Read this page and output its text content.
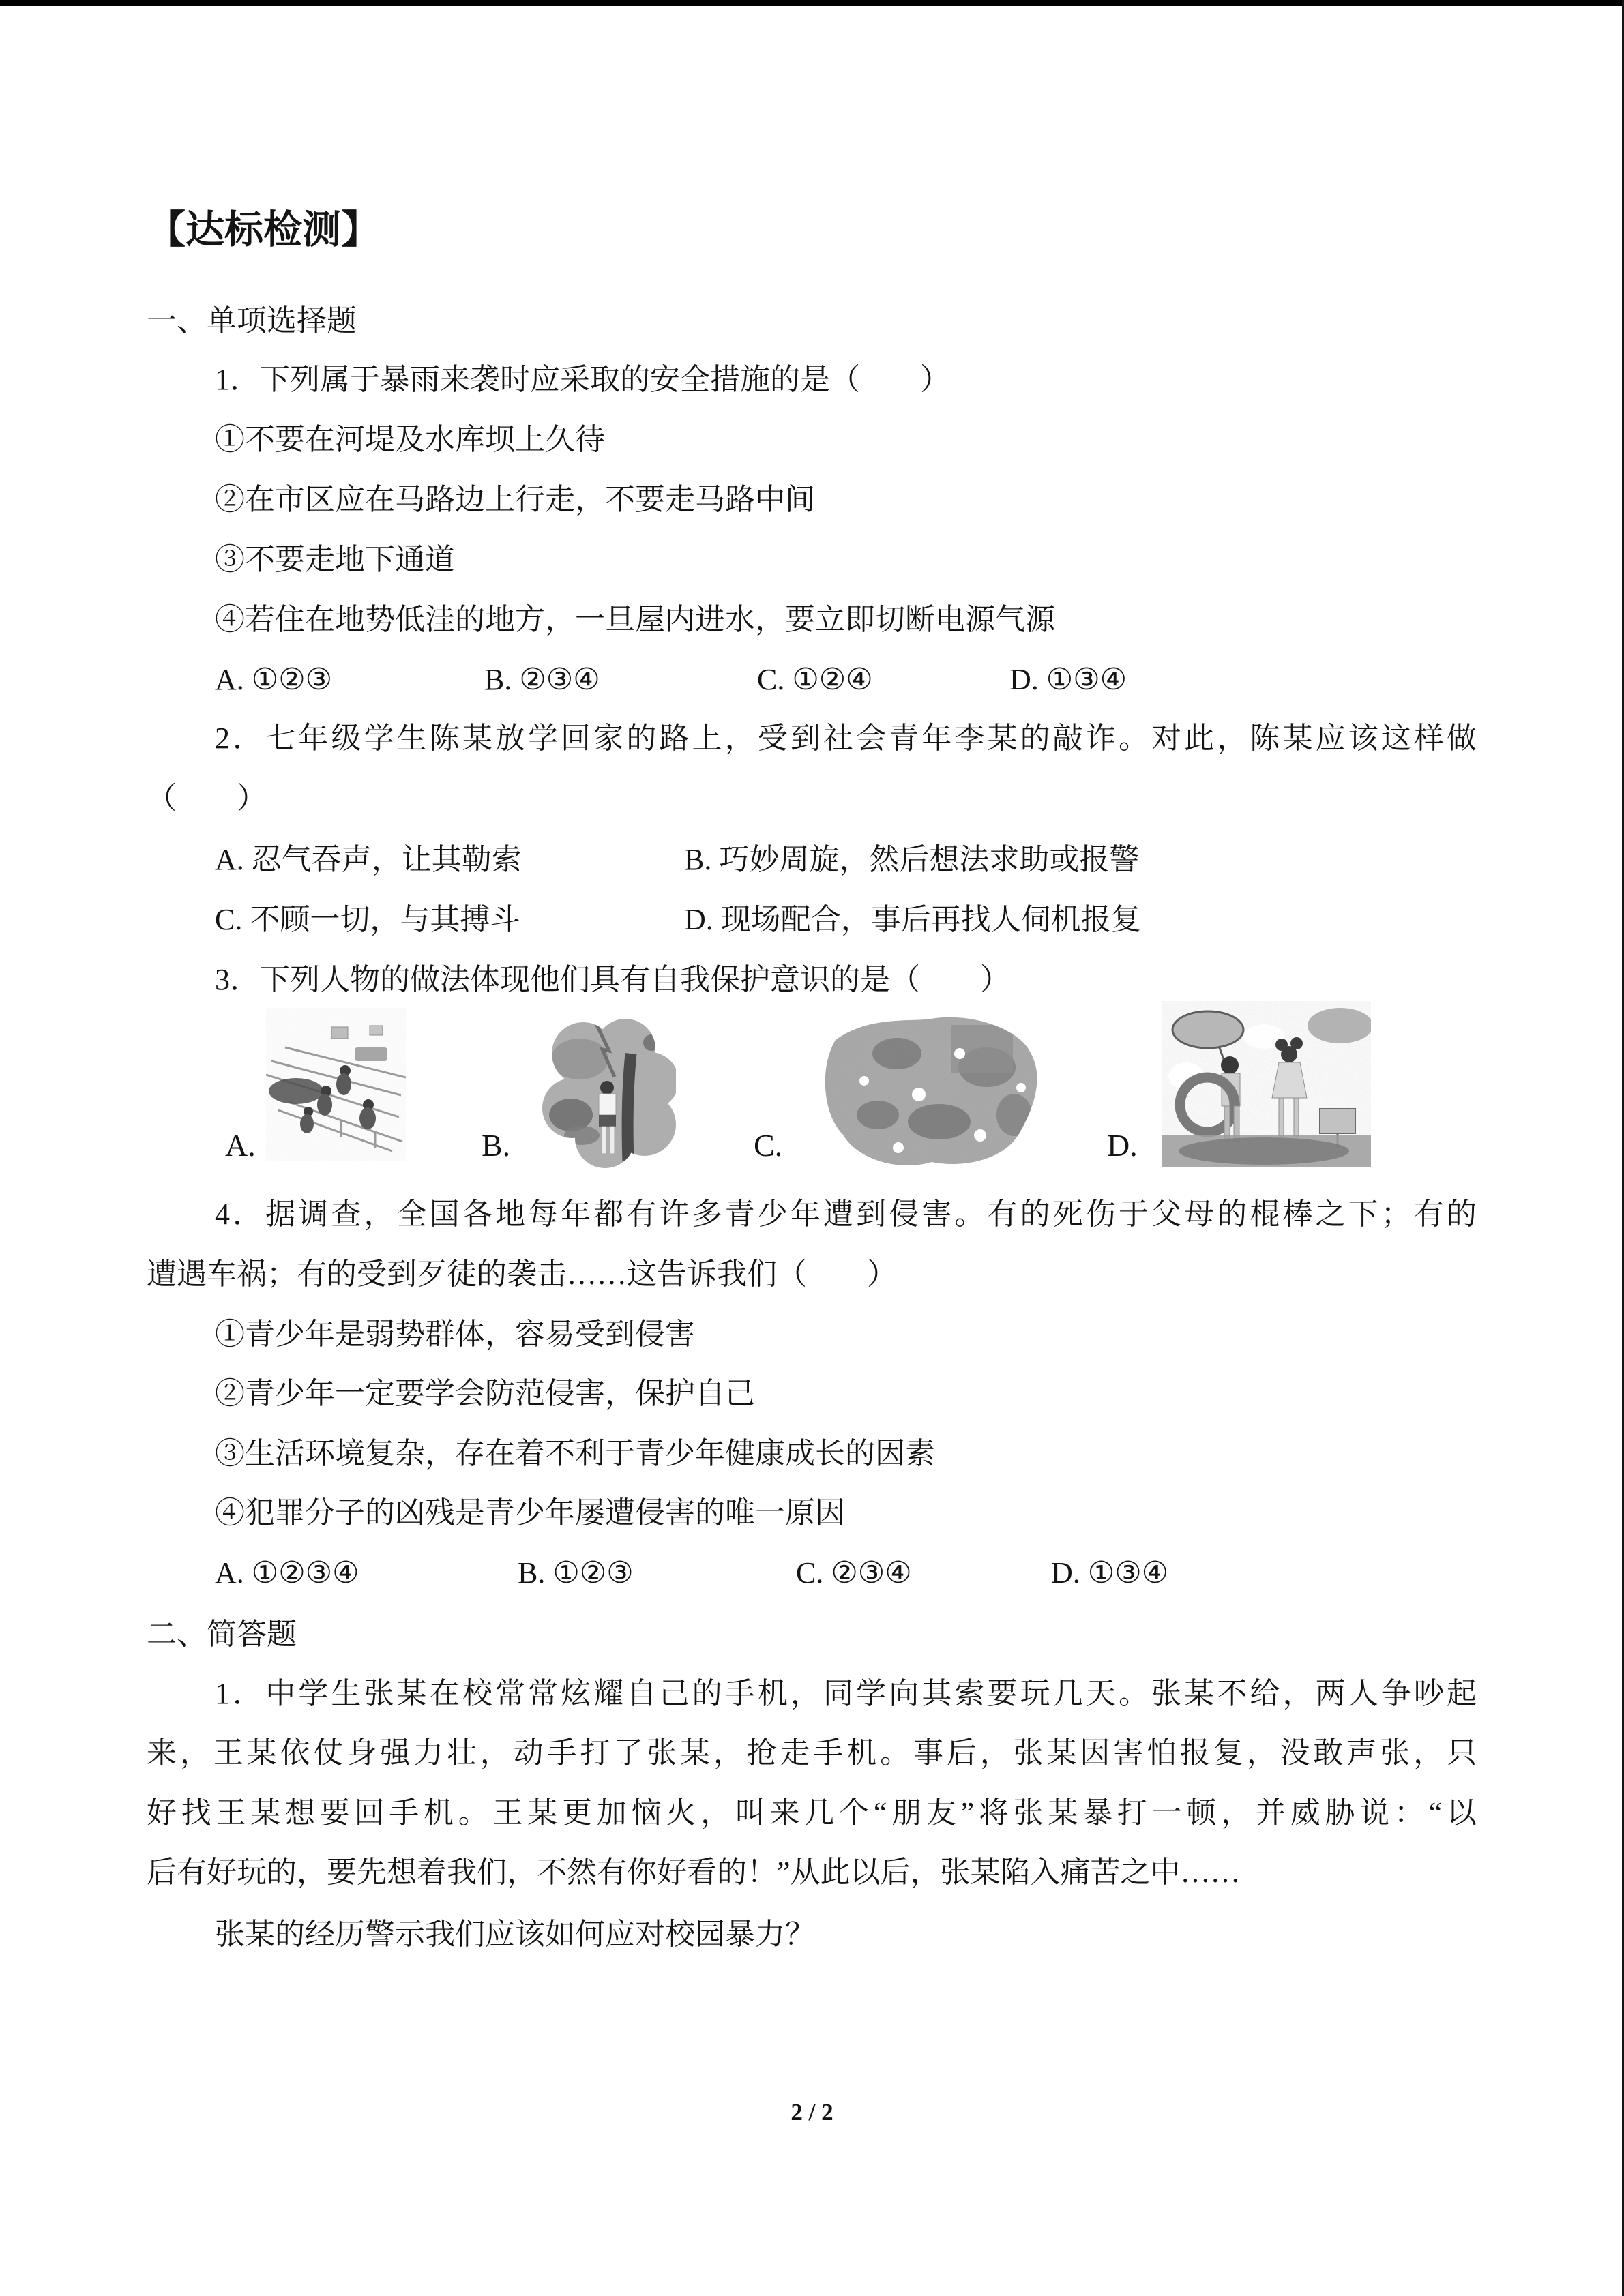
【达标检测】
一、单项选择题
1．下列属于暴雨来袭时应采取的安全措施的是（　　）
①不要在河堤及水库坝上久待
②在市区应在马路边上行走，不要走马路中间
③不要走地下通道
④若住在地势低洼的地方，一旦屋内进水，要立即切断电源气源
A. ①②③	B. ②③④	C. ①②④	D. ①③④
2．七年级学生陈某放学回家的路上，受到社会青年李某的敲诈。对此，陈某应该这样做
（　　）
A. 忍气吞声，让其勒索	B. 巧妙周旋，然后想法求助或报警
C. 不顾一切，与其搏斗	D. 现场配合，事后再找人伺机报复
3．下列人物的做法体现他们具有自我保护意识的是（　　）
A.	B.	C.	D.
4．据调查，全国各地每年都有许多青少年遭到侵害。有的死伤于父母的棍棒之下；有的
遭遇车祸；有的受到歹徒的袭击……这告诉我们（　　）
①青少年是弱势群体，容易受到侵害
②青少年一定要学会防范侵害，保护自己
③生活环境复杂，存在着不利于青少年健康成长的因素
④犯罪分子的凶残是青少年屡遭侵害的唯一原因
A. ①②③④	B. ①②③	C. ②③④	D. ①③④
二、简答题
1．中学生张某在校常常炫耀自己的手机，同学向其索要玩几天。张某不给，两人争吵起
来，王某依仗身强力壮，动手打了张某，抢走手机。事后，张某因害怕报复，没敢声张，只
好找王某想要回手机。王某更加恼火，叫来几个“朋友”将张某暴打一顿，并威胁说：“以
后有好玩的，要先想着我们，不然有你好看的！”从此以后，张某陷入痛苦之中……
张某的经历警示我们应该如何应对校园暴力？
2 / 2
